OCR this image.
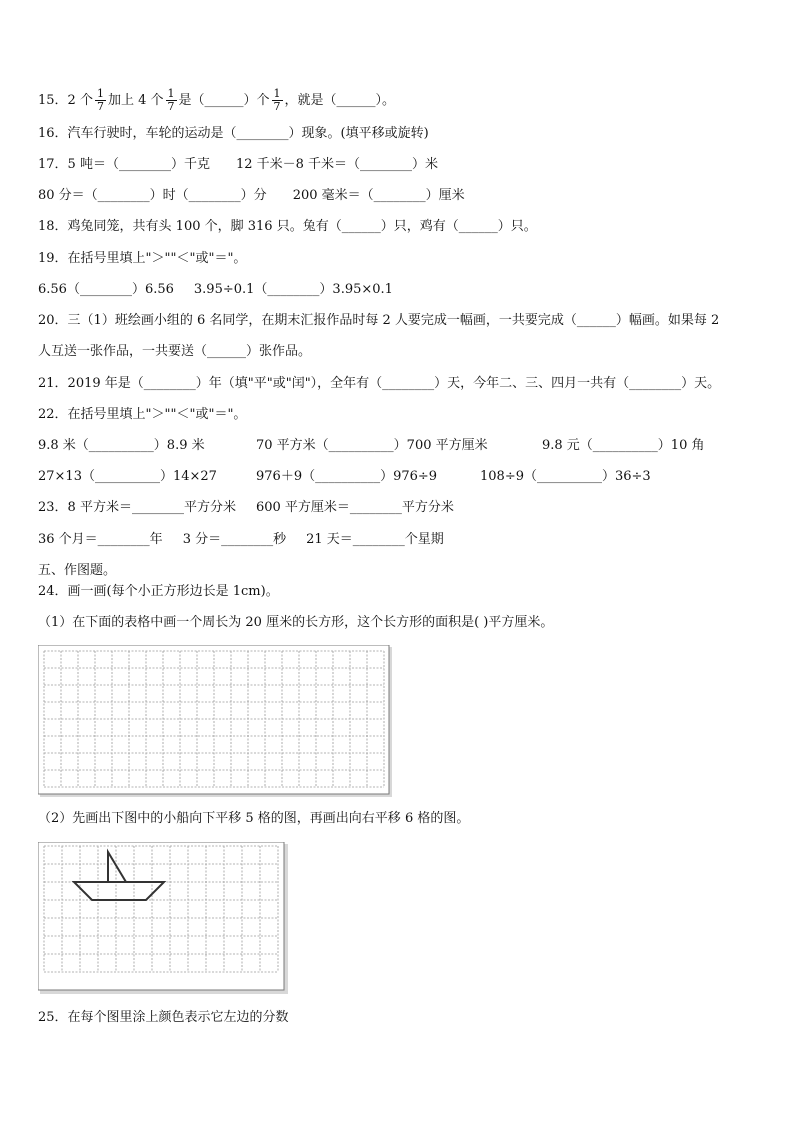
15．2 个 $\frac{1}{7}$ 加上 4 个 $\frac{1}{7}$ 是（______）个 $\frac{1}{7}$ ，就是（______）。
16．汽车行驶时，车轮的运动是（________）现象。(填平移或旋转)
17．5 吨＝（________）千克 12 千米－8 千米＝（________）米
80 分＝（________）时（________）分 200 毫米＝（________）厘米
18．鸡兔同笼，共有头 100 个，脚 316 只。兔有（______）只，鸡有（______）只。
19．在括号里填上"＞""＜"或"＝"。
6.56（________）6.56 3.95÷0.1（________）3.95×0.1
20．三（1）班绘画小组的 6 名同学，在期末汇报作品时每 2 人要完成一幅画，一共要完成（______）幅画。如果每 2
人互送一张作品，一共要送（______）张作品。
21．2019 年是（________）年（填"平"或"闰"），全年有（________）天，今年二、三、四月一共有（________）天。
22．在括号里填上"＞""＜"或"＝"。
9.8 米（__________）8.9 米	70 平方米（__________）700 平方厘米	9.8 元（__________）10 角
27×13（__________）14×27	976＋9（__________）976÷9	108÷9（__________）36÷3
23．8 平方米＝________平方分米 600 平方厘米＝________平方分米
36 个月＝________年 3 分＝________秒 21 天＝________个星期
五、作图题。
24．画一画(每个小正方形边长是 1cm)。
（1）在下面的表格中画一个周长为 20 厘米的长方形，这个长方形的面积是( )平方厘米。
（2）先画出下图中的小船向下平移 5 格的图，再画出向右平移 6 格的图。
25．在每个图里涂上颜色表示它左边的分数
